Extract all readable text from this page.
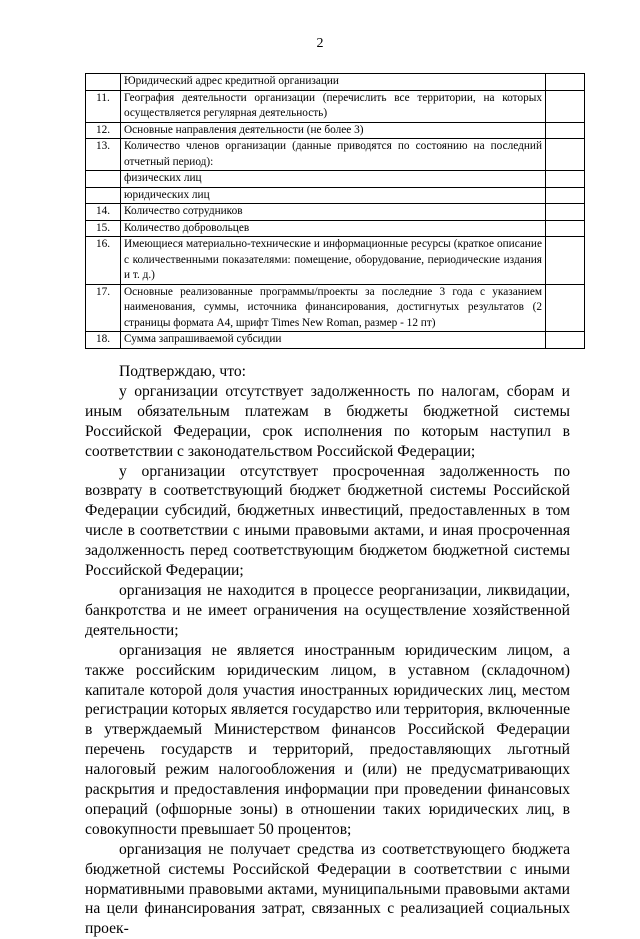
2
	Юридический адрес кредитной организации	
11.	География деятельности организации (перечислить все территории, на которых осуществляется регулярная деятельность)	
12.	Основные направления деятельности (не более 3)	
13.	Количество членов организации (данные приводятся по состоянию на последний отчетный период):	
	физических лиц	
	юридических лиц	
14.	Количество сотрудников	
15.	Количество добровольцев	
16.	Имеющиеся материально-технические и информационные ресурсы (краткое описание с количественными показателями: помещение, оборудование, периодические издания и т. д.)	
17.	Основные реализованные программы/проекты за последние 3 года с указанием наименования, суммы, источника финансирования, достигнутых результатов (2 страницы формата А4, шрифт Times New Roman, размер - 12 пт)	
18.	Сумма запрашиваемой субсидии	

Подтверждаю, что:

у организации отсутствует задолженность по налогам, сборам и иным обязательным платежам в бюджеты бюджетной системы Российской Федерации, срок исполнения по которым наступил в соответствии с законодательством Российской Федерации;

у организации отсутствует просроченная задолженность по возврату в соответствующий бюджет бюджетной системы Российской Федерации субсидий, бюджетных инвестиций, предоставленных в том числе в соответствии с иными правовыми актами, и иная просроченная задолженность перед соответствующим бюджетом бюджетной системы Российской Федерации;

организация не находится в процессе реорганизации, ликвидации, банкротства и не имеет ограничения на осуществление хозяйственной деятельности;

организация не является иностранным юридическим лицом, а также российским юридическим лицом, в уставном (складочном) капитале которой доля участия иностранных юридических лиц, местом регистрации которых является государство или территория, включенные в утверждаемый Министерством финансов Российской Федерации перечень государств и территорий, предоставляющих льготный налоговый режим налогообложения и (или) не предусматривающих раскрытия и предоставления информации при проведении финансовых операций (офшорные зоны) в отношении таких юридических лиц, в совокупности превышает 50 процентов;

организация не получает средства из соответствующего бюджета бюджетной системы Российской Федерации в соответствии с иными нормативными правовыми актами, муниципальными правовыми актами на цели финансирования затрат, связанных с реализацией социальных проек-
